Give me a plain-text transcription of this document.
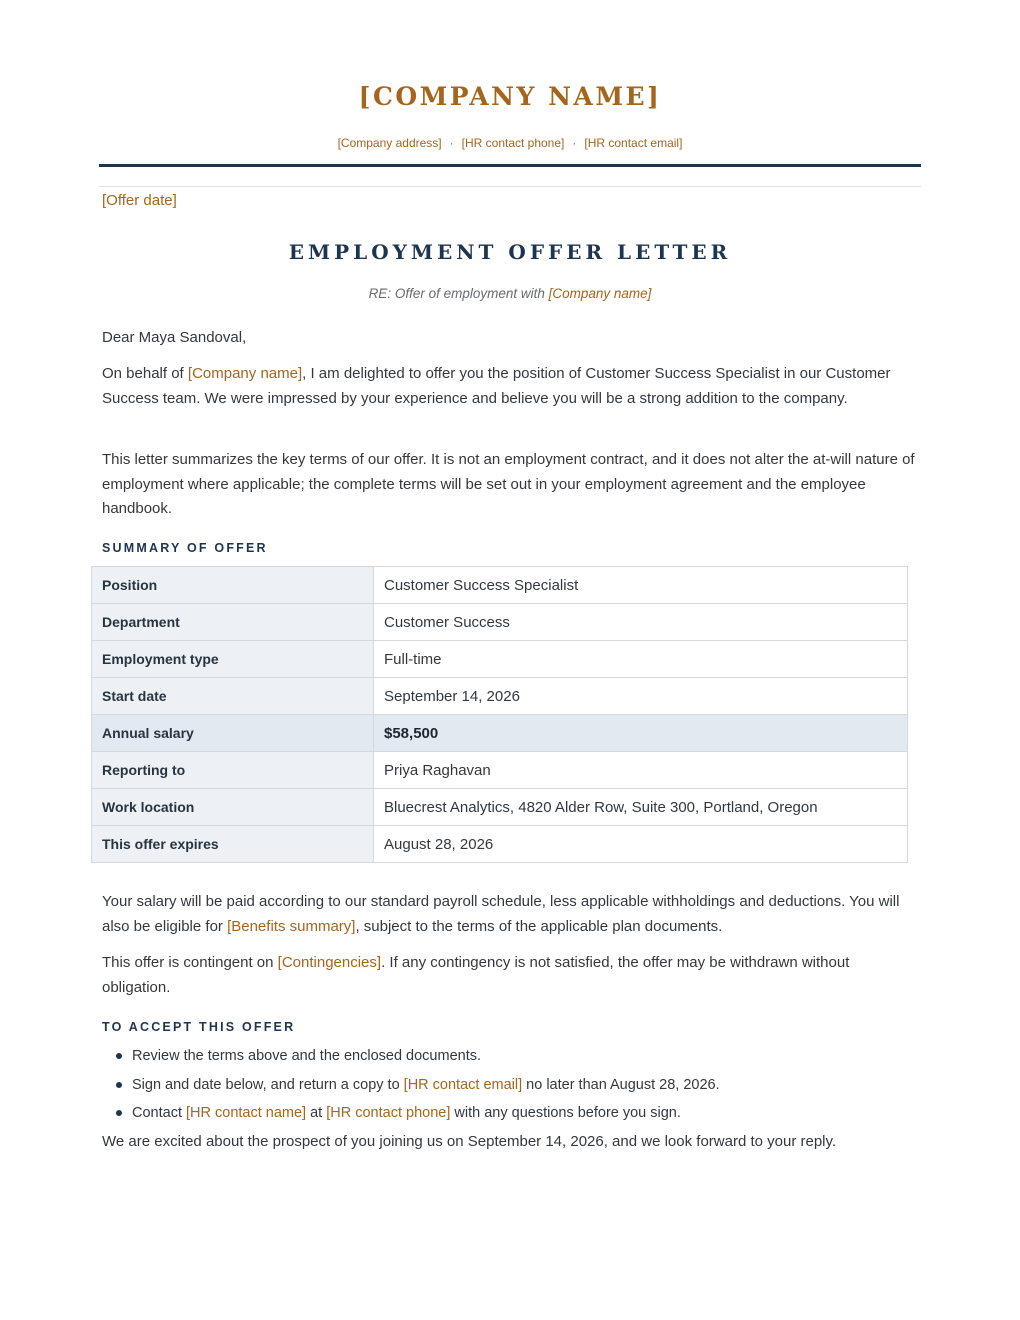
[COMPANY NAME]
[Company address] · [HR contact phone] · [HR contact email]
[Offer date]
EMPLOYMENT OFFER LETTER
RE: Offer of employment with [Company name]

Dear Maya Sandoval,

On behalf of [Company name], I am delighted to offer you the position of Customer Success Specialist in our Customer Success team. We were impressed by your experience and believe you will be a strong addition to the company.

This letter summarizes the key terms of our offer. It is not an employment contract, and it does not alter the at-will nature of employment where applicable; the complete terms will be set out in your employment agreement and the employee handbook.

SUMMARY OF OFFER
Position	Customer Success Specialist
Department	Customer Success
Employment type	Full-time
Start date	September 14, 2026
Annual salary	$58,500
Reporting to	Priya Raghavan
Work location	Bluecrest Analytics, 4820 Alder Row, Suite 300, Portland, Oregon
This offer expires	August 28, 2026

Your salary will be paid according to our standard payroll schedule, less applicable withholdings and deductions. You will also be eligible for [Benefits summary], subject to the terms of the applicable plan documents.

This offer is contingent on [Contingencies]. If any contingency is not satisfied, the offer may be withdrawn without obligation.

TO ACCEPT THIS OFFER
Review the terms above and the enclosed documents.
Sign and date below, and return a copy to [HR contact email] no later than August 28, 2026.
Contact [HR contact name] at [HR contact phone] with any questions before you sign.

We are excited about the prospect of you joining us on September 14, 2026, and we look forward to your reply.
